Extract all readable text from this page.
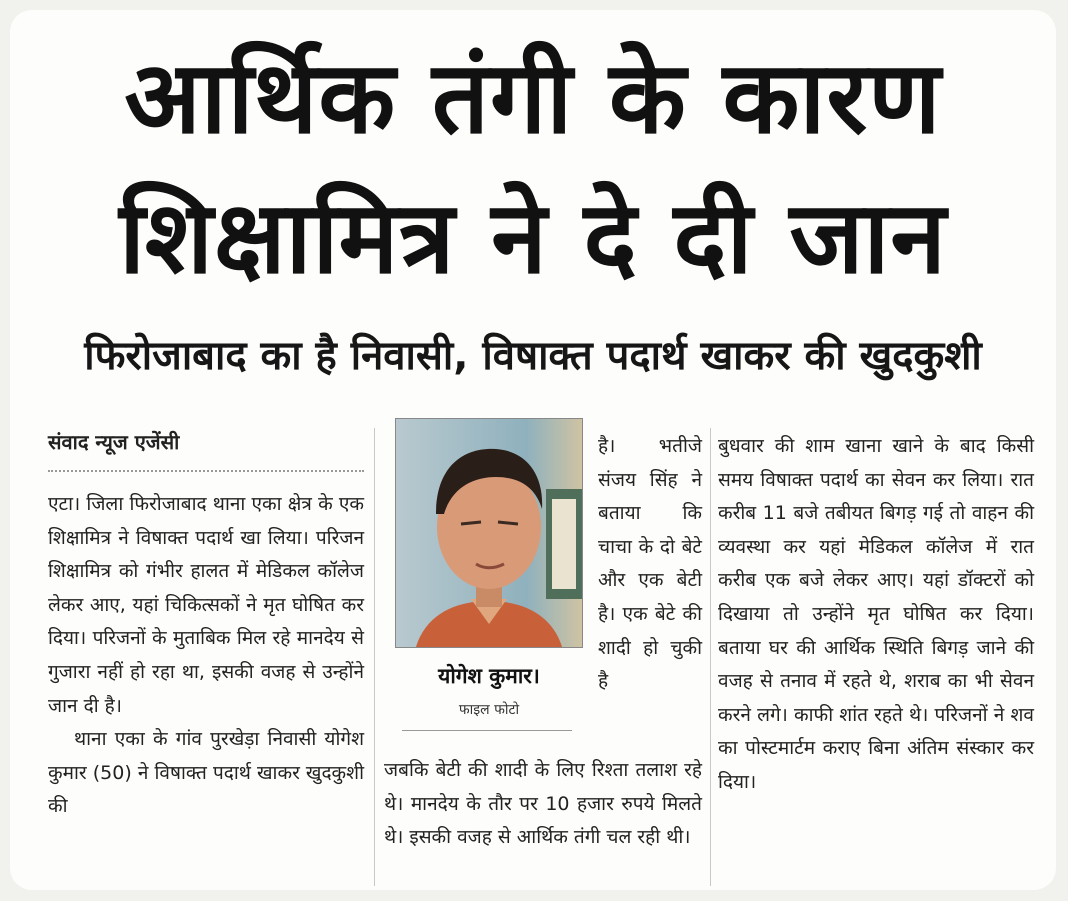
आर्थिक तंगी के कारण
शिक्षामित्र ने दे दी जान
फिरोजाबाद का है निवासी, विषाक्त पदार्थ खाकर की खुदकुशी
संवाद न्यूज एजेंसी

एटा। जिला फिरोजाबाद थाना एका क्षेत्र के एक शिक्षामित्र ने विषाक्त पदार्थ खा लिया। परिजन शिक्षामित्र को गंभीर हालत में मेडिकल कॉलेज लेकर आए, यहां चिकित्सकों ने मृत घोषित कर दिया। परिजनों के मुताबिक मिल रहे मानदेय से गुजारा नहीं हो रहा था, इसकी वजह से उन्होंने जान दी है।

थाना एका के गांव पुरखेड़ा निवासी योगेश कुमार (50) ने विषाक्त पदार्थ खाकर खुदकुशी की

योगेश कुमार।
फाइल फोटो

है। भतीजे संजय सिंह ने बताया कि चाचा के दो बेटे और एक बेटी है। एक बेटे की शादी हो चुकी है

जबकि बेटी की शादी के लिए रिश्ता तलाश रहे थे। मानदेय के तौर पर 10 हजार रुपये मिलते थे। इसकी वजह से आर्थिक तंगी चल रही थी।

बुधवार की शाम खाना खाने के बाद किसी समय विषाक्त पदार्थ का सेवन कर लिया। रात करीब 11 बजे तबीयत बिगड़ गई तो वाहन की व्यवस्था कर यहां मेडिकल कॉलेज में रात करीब एक बजे लेकर आए। यहां डॉक्टरों को दिखाया तो उन्होंने मृत घोषित कर दिया। बताया घर की आर्थिक स्थिति बिगड़ जाने की वजह से तनाव में रहते थे, शराब का भी सेवन करने लगे। काफी शांत रहते थे। परिजनों ने शव का पोस्टमार्टम कराए बिना अंतिम संस्कार कर दिया।
